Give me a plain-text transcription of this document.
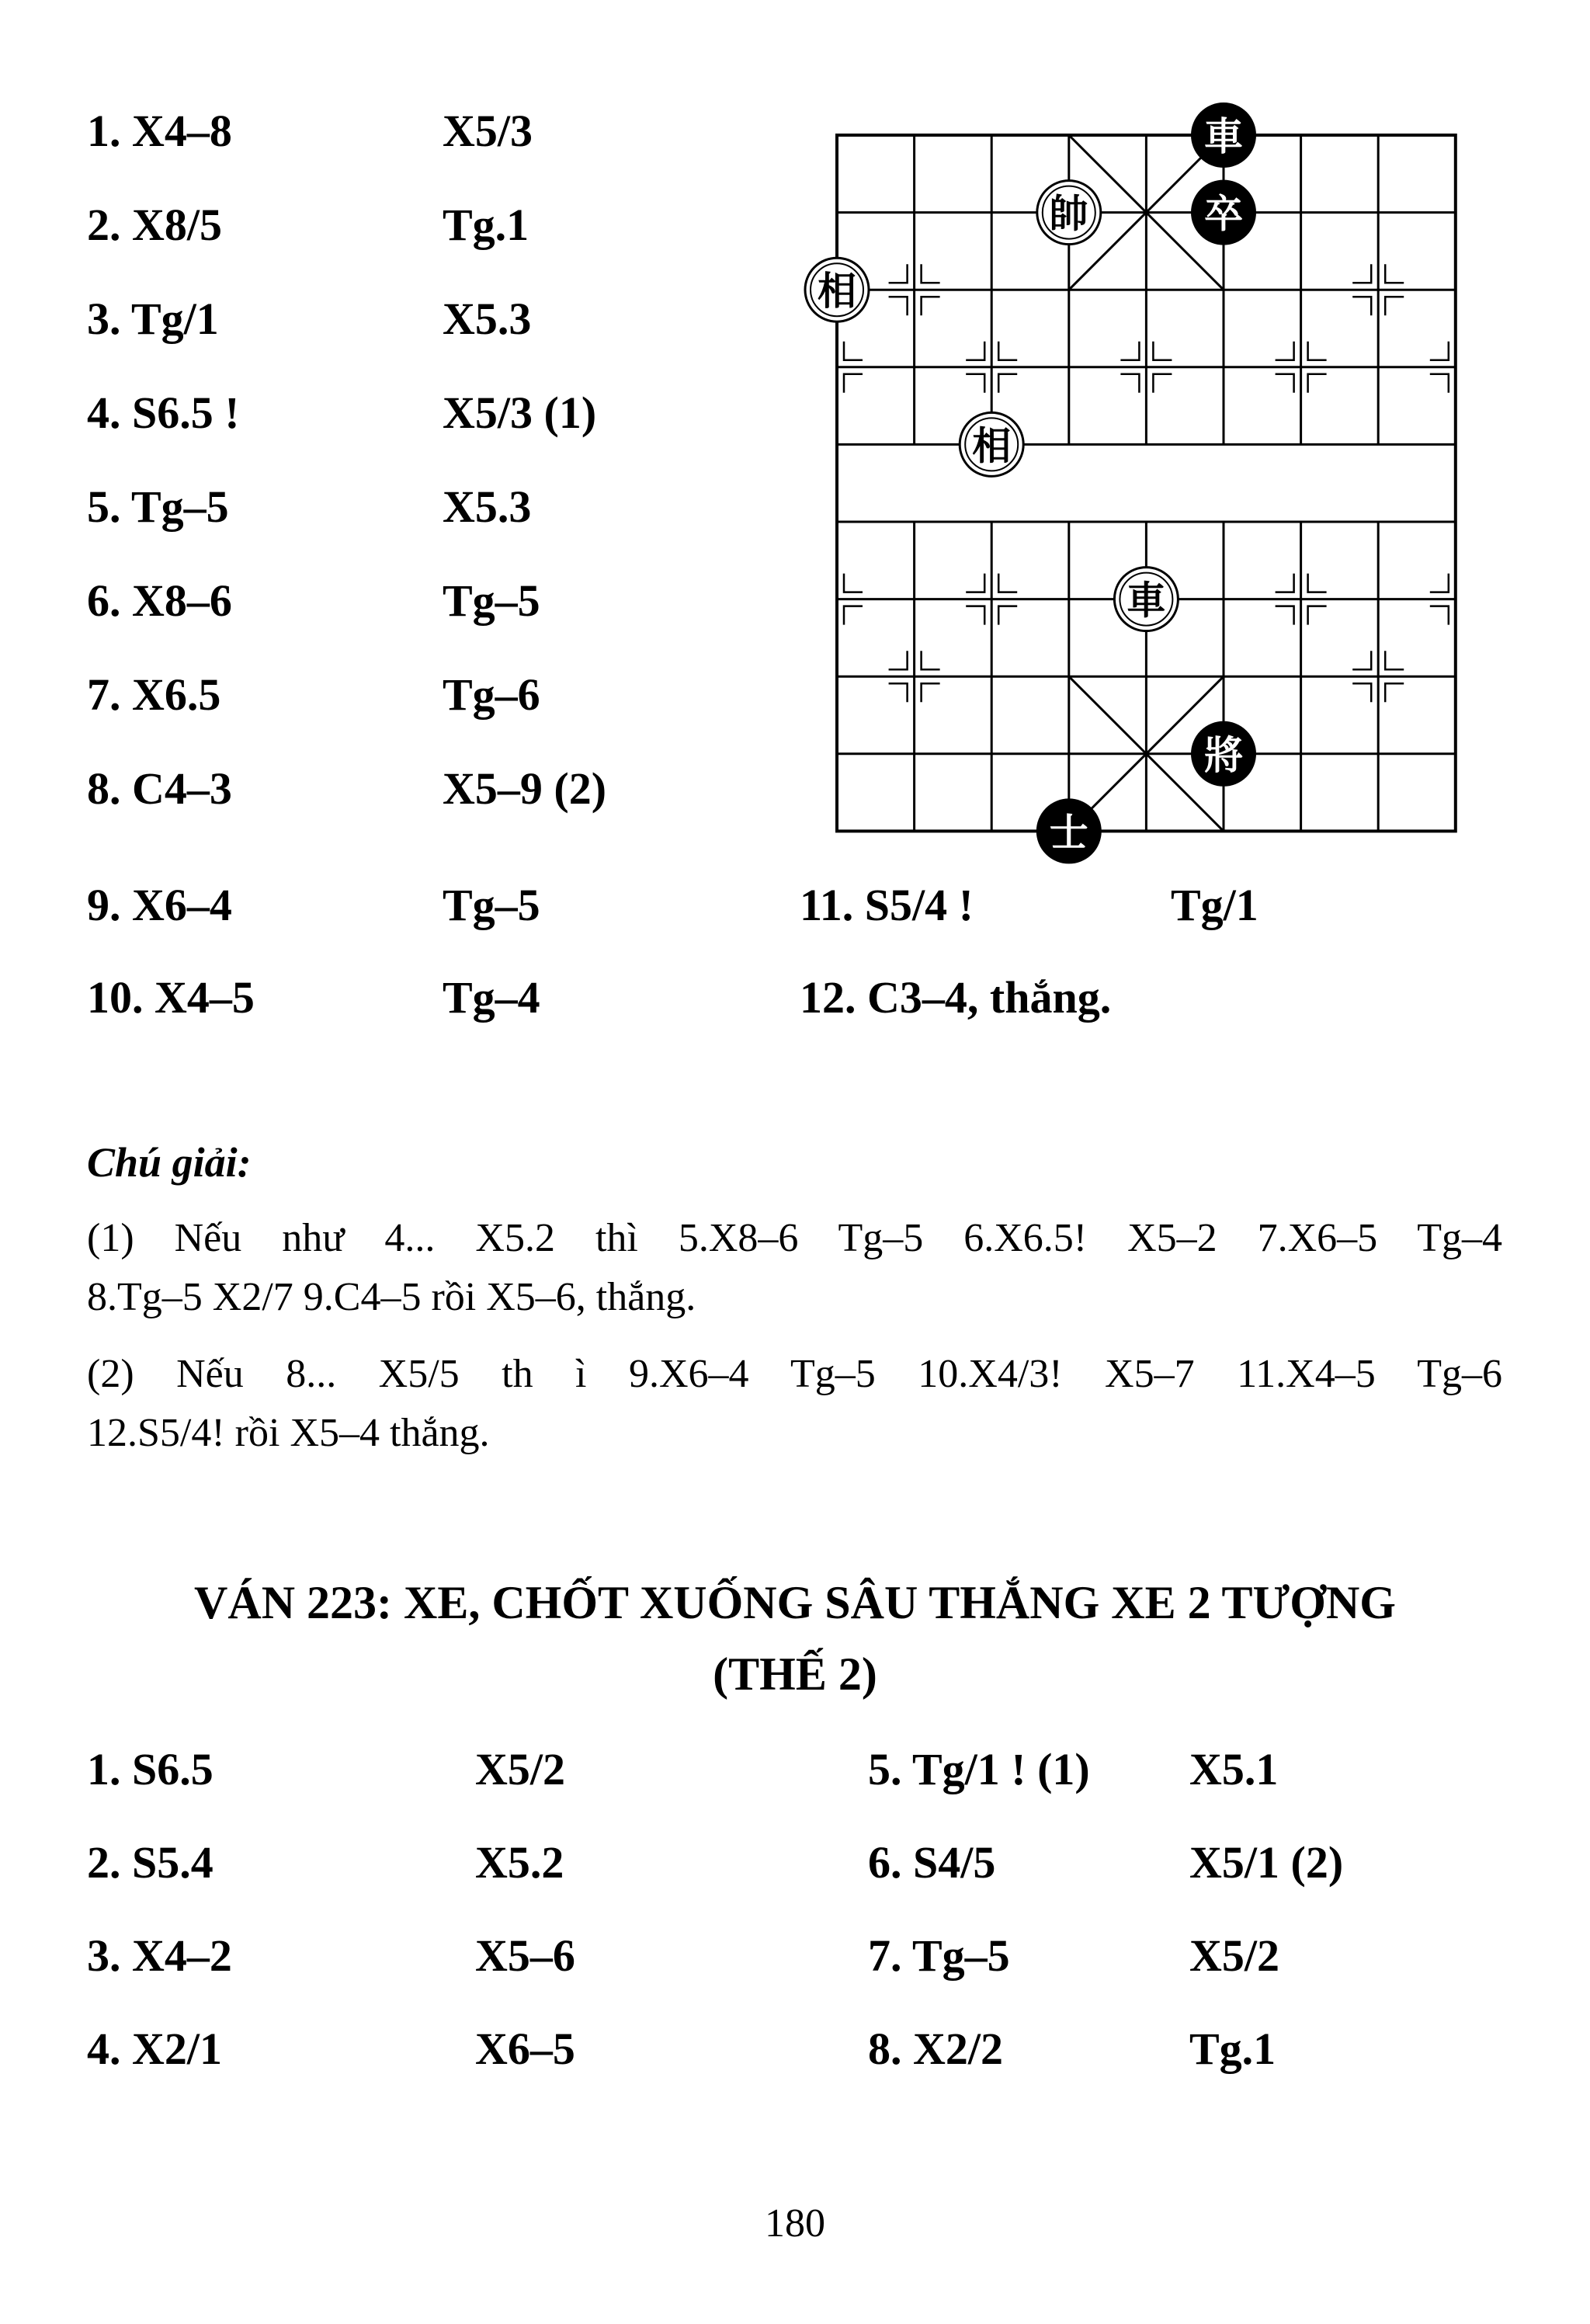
1. X4–8	X5/3
2. X8/5	Tg.1
3. Tg/1	X5.3
4. S6.5 !	X5/3 (1)
5. Tg–5	X5.3
6. X8–6	Tg–5
7. X6.5	Tg–6
8. C4–3	X5–9 (2)
9. X6–4	Tg–5
10. X4–5	Tg–4
11. S5/4 !	Tg/1
12. C3–4, thắng.
車
卒
帥
相
相
車
將
士
Chú giải:
(1) Nếu như 4... X5.2 thì 5.X8–6 Tg–5 6.X6.5! X5–2 7.X6–5 Tg–4
8.Tg–5 X2/7 9.C4–5 rồi X5–6, thắng.
(2) Nếu 8... X5/5 th ì 9.X6–4 Tg–5 10.X4/3! X5–7 11.X4–5 Tg–6
12.S5/4! rồi X5–4 thắng.
VÁN 223: XE, CHỐT XUỐNG SÂU THẮNG XE 2 TƯỢNG
(THẾ 2)
1. S6.5	X5/2
2. S5.4	X5.2
3. X4–2	X5–6
4. X2/1	X6–5
5. Tg/1 ! (1) X5.1
6. S4/5	X5/1 (2)
7. Tg–5	X5/2
8. X2/2	Tg.1
180
